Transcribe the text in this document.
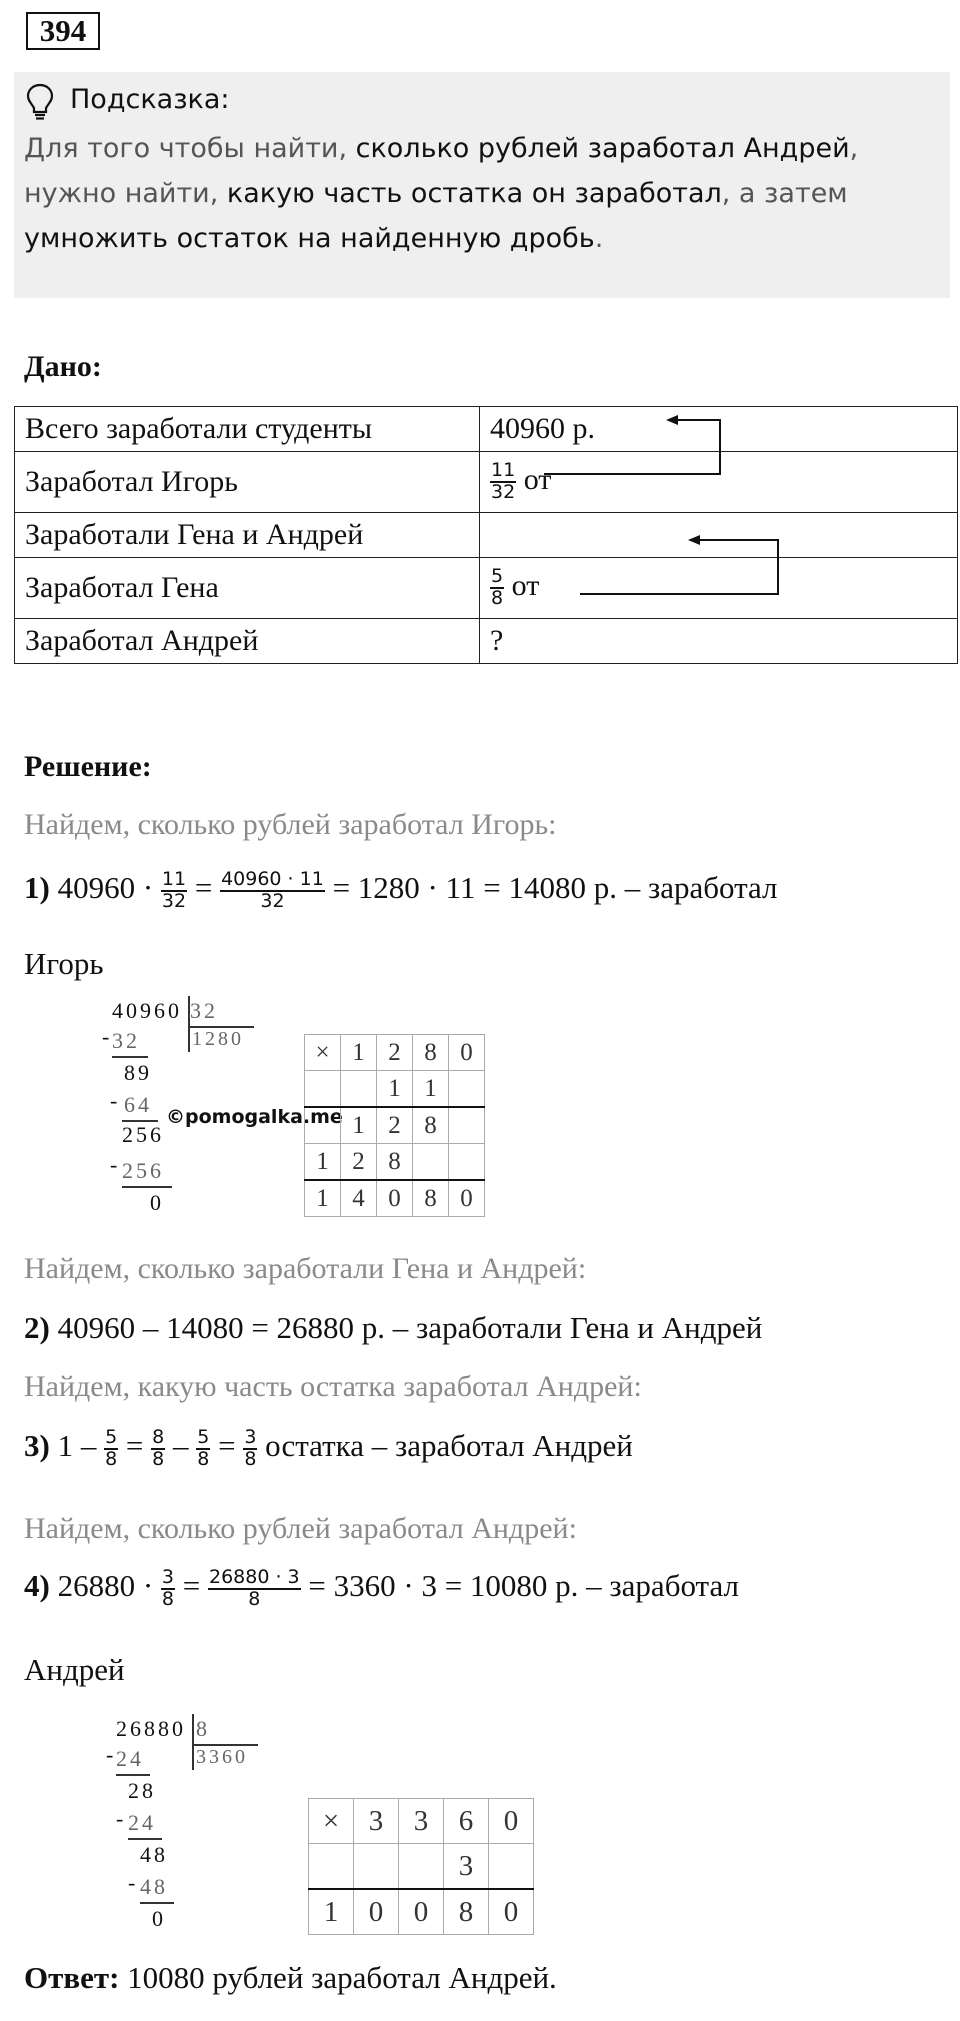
394
Подсказка:
Для того чтобы найти, сколько рублей заработал Андрей,
нужно найти, какую часть остатка он заработал, а затем
умножить остаток на найденную дробь.
Дано:
Всего заработали студенты	40960 р.
Заработал Игорь	$\frac{11}{32}$ от
Заработали Гена и Андрей	
Заработал Гена	$\frac{5}{8}$ от
Заработал Андрей	?
Решение:
Найдем, сколько рублей заработал Игорь:
1) $40960 \cdot \frac{11}{32} = \frac{40960 \cdot 11}{32} = 1280 \cdot 11 = 14080$ р. – заработал
Игорь
40960 32
1280
- 32
89
- 64
256
- 256
0
©pomogalka.me
×	1	2	8	0
		1	1	
	1	2	8	
1	2	8		
1	4	0	8	0
Найдем, сколько заработали Гена и Андрей:
2) 40960 – 14080 = 26880 р. – заработали Гена и Андрей
Найдем, какую часть остатка заработал Андрей:
3) $1 - \frac{5}{8} = \frac{8}{8} - \frac{5}{8} = \frac{3}{8}$ остатка – заработал Андрей
Найдем, сколько рублей заработал Андрей:
4) $26880 \cdot \frac{3}{8} = \frac{26880 \cdot 3}{8} = 3360 \cdot 3 = 10080$ р. – заработал
Андрей
26880 8
3360
- 24
28
- 24
48
- 48
0
×	3	3	6	0
			3	
1	0	0	8	0
Ответ: 10080 рублей заработал Андрей.
